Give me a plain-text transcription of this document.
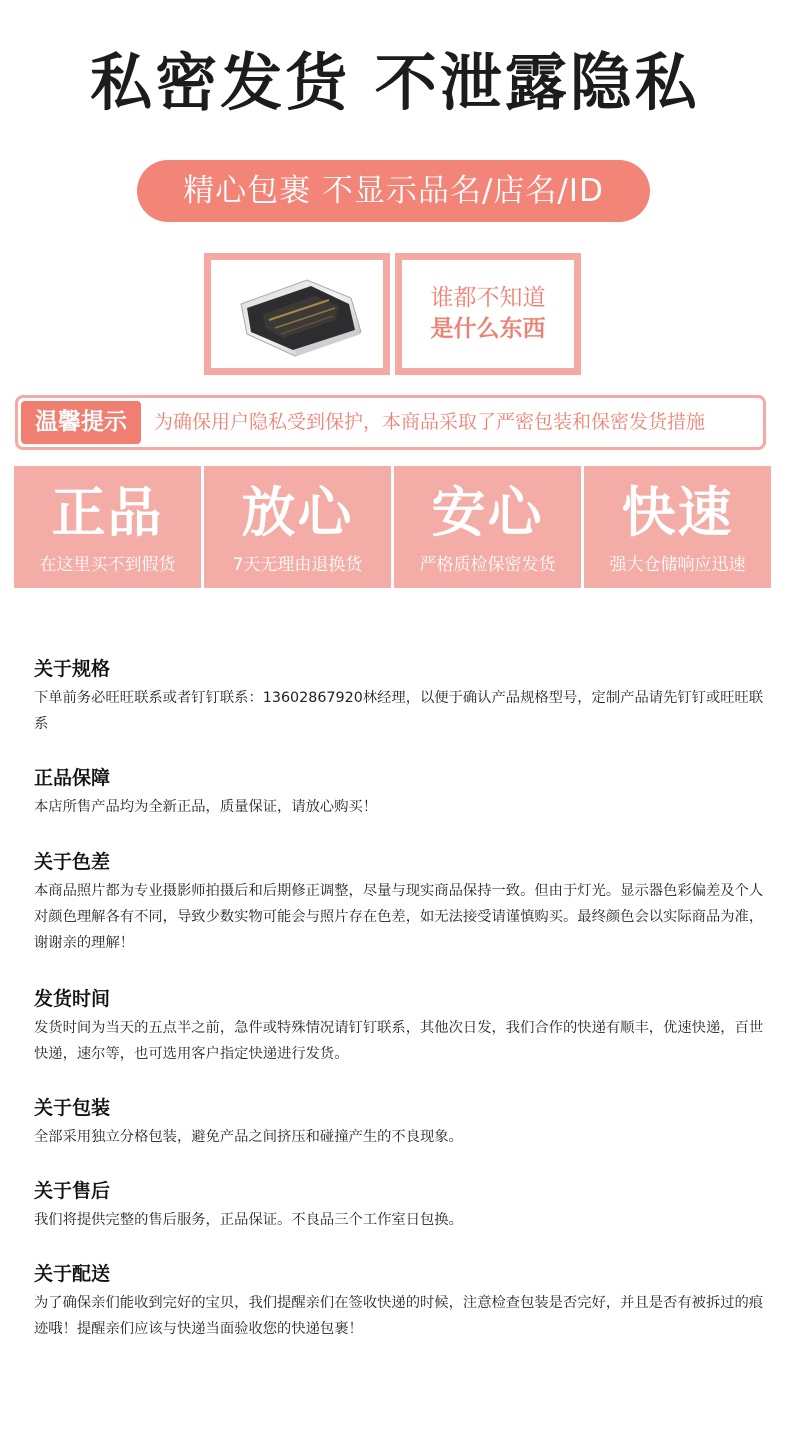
私密发货 不泄露隐私
精心包裹 不显示品名/店名/ID
谁都不知道
是什么东西
温馨提示	为确保用户隐私受到保护，本商品采取了严密包装和保密发货措施
正品
在这里买不到假货
放心
7天无理由退换货
安心
严格质检保密发货
快速
强大仓储响应迅速
关于规格
下单前务必旺旺联系或者钉钉联系：13602867920林经理，以便于确认产品规格型号，定制产品请先钉钉或旺旺联系
正品保障
本店所售产品均为全新正品，质量保证，请放心购买！
关于色差
本商品照片都为专业摄影师拍摄后和后期修正调整，尽量与现实商品保持一致。但由于灯光。显示器色彩偏差及个人对颜色理解各有不同，导致少数实物可能会与照片存在色差，如无法接受请谨慎购买。最终颜色会以实际商品为准，谢谢亲的理解！
发货时间
发货时间为当天的五点半之前，急件或特殊情况请钉钉联系，其他次日发，我们合作的快递有顺丰，优速快递，百世快递，速尔等，也可选用客户指定快递进行发货。
关于包装
全部采用独立分格包装，避免产品之间挤压和碰撞产生的不良现象。
关于售后
我们将提供完整的售后服务，正品保证。不良品三个工作室日包换。
关于配送
为了确保亲们能收到完好的宝贝，我们提醒亲们在签收快递的时候，注意检查包装是否完好，并且是否有被拆过的痕迹哦！提醒亲们应该与快递当面验收您的快递包裹！
